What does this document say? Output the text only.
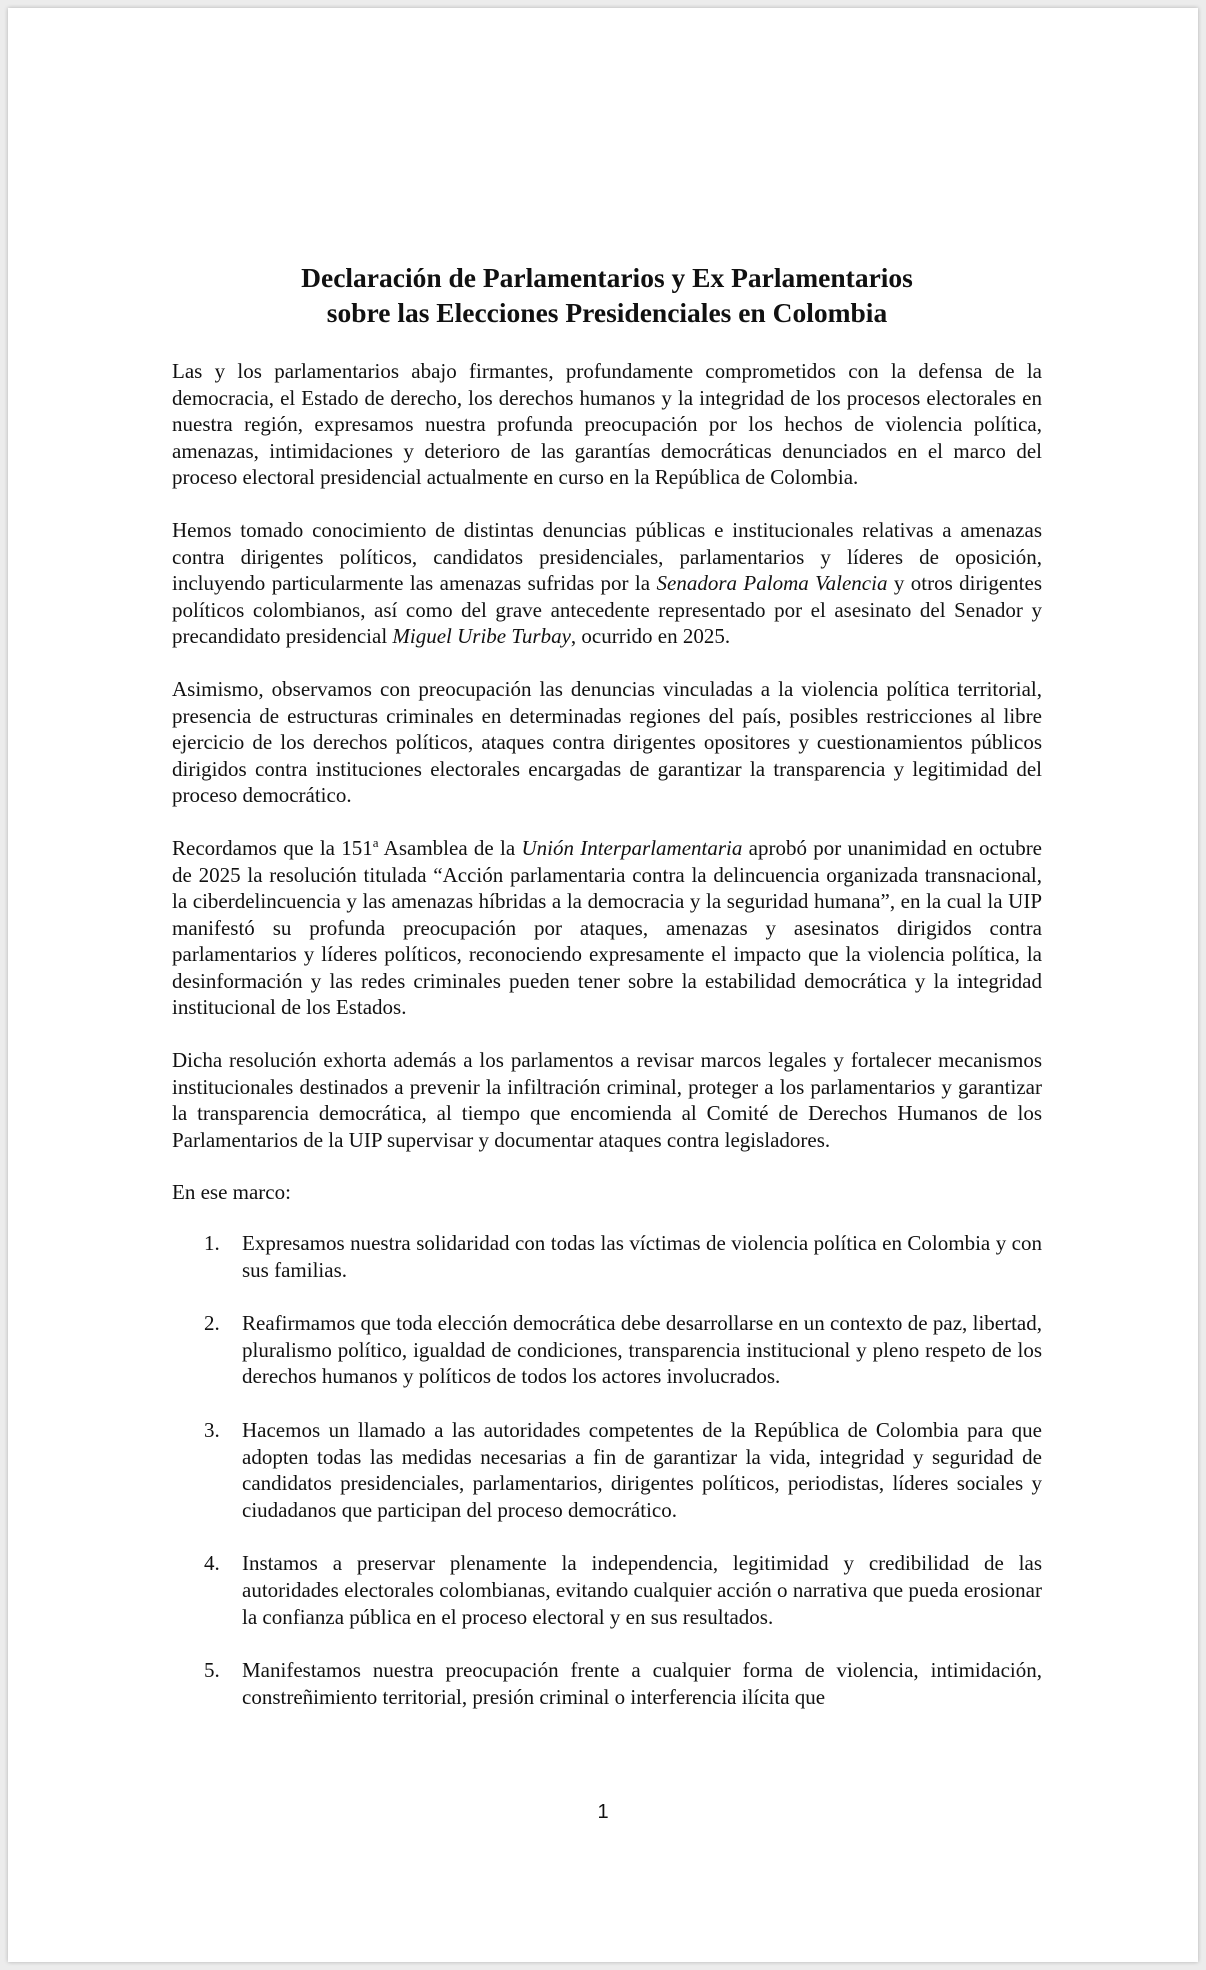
Declaración de Parlamentarios y Ex Parlamentarios
sobre las Elecciones Presidenciales en Colombia

Las y los parlamentarios abajo firmantes, profundamente comprometidos con la defensa de la democracia, el Estado de derecho, los derechos humanos y la integridad de los procesos electorales en nuestra región, expresamos nuestra profunda preocupación por los hechos de violencia política, amenazas, intimidaciones y deterioro de las garantías democráticas denunciados en el marco del proceso electoral presidencial actualmente en curso en la República de Colombia.

Hemos tomado conocimiento de distintas denuncias públicas e institucionales relativas a amenazas contra dirigentes políticos, candidatos presidenciales, parlamentarios y líderes de oposición, incluyendo particularmente las amenazas sufridas por la Senadora Paloma Valencia y otros dirigentes políticos colombianos, así como del grave antecedente representado por el asesinato del Senador y precandidato presidencial Miguel Uribe Turbay, ocurrido en 2025.

Asimismo, observamos con preocupación las denuncias vinculadas a la violencia política territorial, presencia de estructuras criminales en determinadas regiones del país, posibles restricciones al libre ejercicio de los derechos políticos, ataques contra dirigentes opositores y cuestionamientos públicos dirigidos contra instituciones electorales encargadas de garantizar la transparencia y legitimidad del proceso democrático.

Recordamos que la 151$^a$ Asamblea de la Unión Interparlamentaria aprobó por unanimidad en octubre de 2025 la resolución titulada “Acción parlamentaria contra la delincuencia organizada transnacional, la ciberdelincuencia y las amenazas híbridas a la democracia y la seguridad humana”, en la cual la UIP manifestó su profunda preocupación por ataques, amenazas y asesinatos dirigidos contra parlamentarios y líderes políticos, reconociendo expresamente el impacto que la violencia política, la desinformación y las redes criminales pueden tener sobre la estabilidad democrática y la integridad institucional de los Estados.

Dicha resolución exhorta además a los parlamentos a revisar marcos legales y fortalecer mecanismos institucionales destinados a prevenir la infiltración criminal, proteger a los parlamentarios y garantizar la transparencia democrática, al tiempo que encomienda al Comité de Derechos Humanos de los Parlamentarios de la UIP supervisar y documentar ataques contra legisladores.

En ese marco:

1. Expresamos nuestra solidaridad con todas las víctimas de violencia política en Colombia y con sus familias.
2. Reafirmamos que toda elección democrática debe desarrollarse en un contexto de paz, libertad, pluralismo político, igualdad de condiciones, transparencia institucional y pleno respeto de los derechos humanos y políticos de todos los actores involucrados.
3. Hacemos un llamado a las autoridades competentes de la República de Colombia para que adopten todas las medidas necesarias a fin de garantizar la vida, integridad y seguridad de candidatos presidenciales, parlamentarios, dirigentes políticos, periodistas, líderes sociales y ciudadanos que participan del proceso democrático.
4. Instamos a preservar plenamente la independencia, legitimidad y credibilidad de las autoridades electorales colombianas, evitando cualquier acción o narrativa que pueda erosionar la confianza pública en el proceso electoral y en sus resultados.
5. Manifestamos nuestra preocupación frente a cualquier forma de violencia, intimidación, constreñimiento territorial, presión criminal o interferencia ilícita que
1
